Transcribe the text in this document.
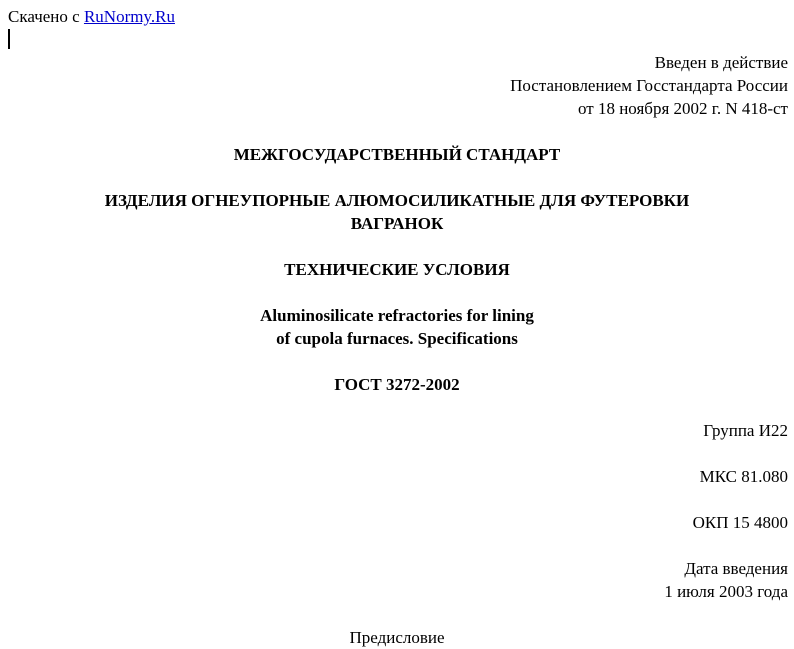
Скачено с RuNormy.Ru
Введен в действие
Постановлением Госстандарта России
от 18 ноября 2002 г. N 418-ст
МЕЖГОСУДАРСТВЕННЫЙ СТАНДАРТ
ИЗДЕЛИЯ ОГНЕУПОРНЫЕ АЛЮМОСИЛИКАТНЫЕ ДЛЯ ФУТЕРОВКИ
ВАГРАНОК
ТЕХНИЧЕСКИЕ УСЛОВИЯ
Aluminosilicate refractories for lining
of cupola furnaces. Specifications
ГОСТ 3272-2002
Группа И22
МКС 81.080
ОКП 15 4800
Дата введения
1 июля 2003 года
Предисловие
